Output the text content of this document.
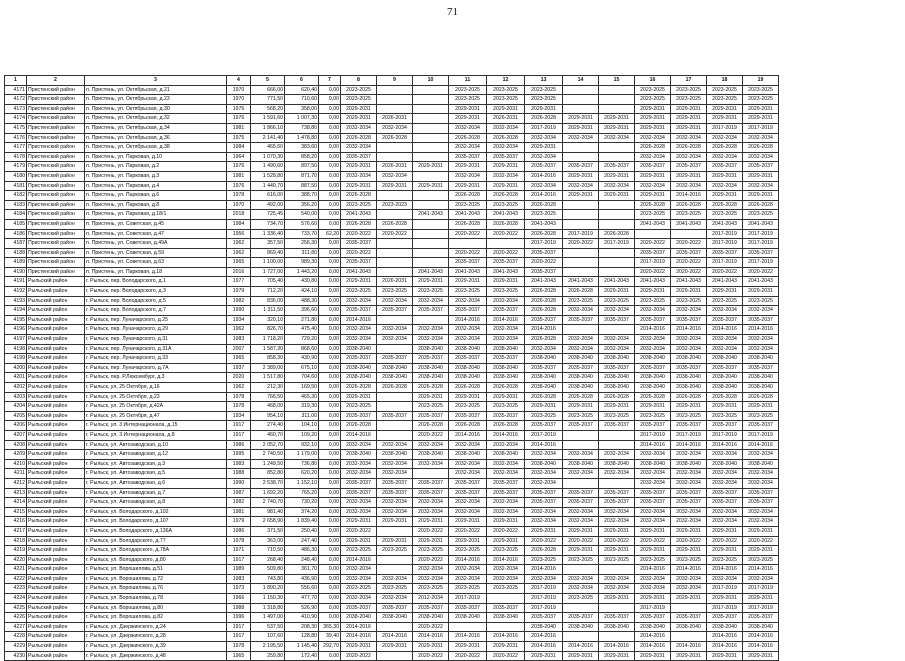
71
1	2	3	4	5	6	7	8	9	10	11	12	13	14	15	16	17	18	19
4171	Пристенский район	п. Пристень, ул. Октябрьская, д.21	1970	666,00	620,40	0,00	2023-2025			2023-2025	2023-2025	2023-2025			2023-2025	2023-2025	2023-2025	2023-2025
4172	Пристенский район	п. Пристень, ул. Октябрьская, д.23	1970	771,50	710,60	0,00	2023-2025			2023-2025	2023-2025	2023-2025			2023-2025	2023-2025	2023-2025	2023-2025
4173	Пристенский район	п. Пристень, ул. Октябрьская, д.30	1976	568,20	358,00	0,00	2029-2031			2029-2031	2029-2031	2029-2031			2029-2031	2029-2031	2029-2031	2029-2031
4174	Пристенский район	п. Пристень, ул. Октябрьская, д.32	1976	1 591,60	1 007,30	0,00	2029-2031	2026-2031		2029-2031	2026-2031	2026-2028	2029-2031	2029-2031	2029-2031	2029-2031	2029-2031	2029-2031
4175	Пристенский район	п. Пристень, ул. Октябрьская, д.34	1981	1 866,10	738,80	0,00	2032-2034	2032-2034		2032-2034	2032-2034	2017-2019	2029-2031	2029-2031	2029-2031	2029-2031	2017-2019	2017-2019
4176	Пристенский район	п. Пристень, ул. Октябрьская, д.36	1975	2 141,40	1 478,80	0,00	2026-2028	2026-2028		2026-2028	2026-2028	2032-2034	2032-2034	2032-2034	2032-2034	2032-2034	2032-2034	2032-2034
4177	Пристенский район	п. Пристень, ул. Октябрьская, д.38	1984	465,60	383,60	0,00	2032-2034			2032-2034	2032-2034	2029-2031			2026-2028	2026-2028	2026-2028	2026-2028
4178	Пристенский район	п. Пристень, ул. Парковая, д.10	1964	1 070,30	858,20	0,00	2035-2037			2035-2037	2035-2037	2032-2034			2032-2034	2032-2034	2032-2034	2032-2034
4179	Пристенский район	п. Пристень, ул. Парковая, д.2	1976	1 490,60	897,50	0,00	2029-2031	2026-2031	2029-2031	2029-2031	2029-2031	2035-2037	2035-2037	2035-2037	2035-2037	2035-2037	2035-2037	2035-2037
4180	Пристенский район	п. Пристень, ул. Парковая, д.3	1981	1 528,80	871,70	0,00	2032-2034	2032-2034		2032-2034	2032-2034	2014-2016	2029-2031	2029-2031	2029-2031	2029-2031	2029-2031	2029-2031
4181	Пристенский район	п. Пристень, ул. Парковая, д.4	1976	1 440,70	887,50	0,00	2029-2031	2029-2031	2029-2031	2029-2031	2029-2031	2032-2034	2032-2034	2032-2034	2032-2034	2032-2034	2032-2034	2032-2034
4182	Пристенский район	п. Пристень, ул. Парковая, д.6	1978	616,00	388,70	0,00	2026-2028			2026-2028	2026-2028	2014-2016	2029-2031	2029-2031	2029-2031	2014-2016	2029-2031	2029-2031
4183	Пристенский район	п. Пристень, ул. Парковая, д.8	1970	492,00	356,20	0,00	2023-2025	2023-2023		2023-2025	2023-2025	2026-2028			2026-2028	2026-2028	2026-2028	2026-2028
4184	Пристенский район	п. Пристень, ул. Парковая, д.18/1	2018	725,45	540,00	0,00	2041-2043		2041-2043	2041-2043	2041-2043	2023-2025			2023-2025	2023-2025	2023-2025	2023-2025
4185	Пристенский район	п. Пристень, ул. Советская, д.45	1984	734,70	576,60	0,00	2026-2028	2026-2028		2026-2028	2026-2028	2041-2043			2041-2043	2041-2043	2041-2043	2041-2043
4186	Пристенский район	п. Пристень, ул. Советская, д.47	1956	1 336,40	733,70	62,20	2020-2022	2020-2022		2020-2022	2020-2022	2026-2028	2017-2019	2026-2028			2017-2019	2017-2019
4187	Пристенский район	п. Пристень, ул. Советская, д.49А	1962	357,50	256,30	0,00	2035-2037					2017-2019	2020-2022	2017-2019	2020-2022	2020-2022	2017-2019	2017-2019
4188	Пристенский район	п. Пристень, ул. Советская, д.59	1962	869,40	311,80	0,00	2020-2022			2020-2022	2020-2022	2035-2037			2035-2037	2035-2037	2035-2037	2035-2037
4189	Пристенский район	п. Пристень, ул. Советская, д.63	1965	1 100,00	989,30	0,00	2035-2037			2035-2037	2035-2037	2020-2022			2017-2019	2020-2022	2017-2019	2017-2019
4190	Пристенский район	п. Пристень, ул. Парковая, д.18	2016	1 727,00	1 443,20	0,00	2041-2043		2041-2043	2041-2043	2041-2043	2035-2037			2020-2022	2020-2022	2020-2022	2020-2022
4191	Рыльский район	г. Рыльск, пер. Володарского, д.1	1977	705,40	430,80	0,00	2029-2031	2026-2031	2029-2031	2029-2031	2029-2031	2041-2043	2041-2043	2041-2043	2041-2043	2041-2043	2041-2043	2041-2043
4192	Рыльский район	г. Рыльск, пер. Володарского, д.3	1979	712,20	424,10	0,00	2023-2025	2023-2025	2023-2025	2023-2025	2023-2025	2026-2028	2026-2028	2029-2031	2029-2031	2029-2031	2029-2031	2029-2031
4193	Рыльский район	г. Рыльск, пер. Володарского, д.5	1982	836,00	488,30	0,00	2032-2034	2032-2034	2032-2034	2032-2034	2032-2034	2026-2028	2023-2025	2023-2025	2023-2025	2023-2025	2023-2025	2023-2025
4194	Рыльский район	г. Рыльск, пер. Володарского, д.7	1990	1 311,50	396,60	0,00	2035-2037	2035-2037	2035-2037	2035-2037	2035-2037	2026-2028	2032-2034	2032-2034	2032-2034	2032-2034	2032-2034	2032-2034
4195	Рыльский район	г. Рыльск, пер. Луначарского, д.25	1934	320,10	271,80	0,00	2014-2016			2014-2016	2014-2016	2035-2037	2035-2037	2035-2037	2035-2037	2035-2037	2035-2037	2035-2037
4196	Рыльский район	г. Рыльск, пер. Луначарского, д.29	1962	826,70	475,40	0,00	2032-2034	2032-2034	2032-2034	2032-2034	2032-2034	2014-2016			2014-2016	2014-2016	2014-2016	2014-2016
4197	Рыльский район	г. Рыльск, пер. Луначарского, д.31	1983	1 718,20	729,20	0,00	2032-2034	2032-2034	2032-2034	2032-2034	2032-2034	2026-2028	2032-2034	2032-2034	2032-2034	2032-2034	2032-2034	2032-2034
4198	Рыльский район	г. Рыльск, пер. Луначарского, д.31А	2007	1 587,30	868,60	0,00	2038-2040		2038-2040	2038-2040	2038-2040	2032-2034	2032-2034	2032-2034	2032-2034	2032-2034	2032-2034	2032-2034
4199	Рыльский район	г. Рыльск, пер. Луначарского, д.33	1965	858,30	430,90	0,00	2035-2037	2035-2037	2035-2037	2035-2037	2035-2037	2038-2040	2038-2040	2038-2040	2038-2040	2038-2040	2038-2040	2038-2040
4200	Рыльский район	г. Рыльск, пер. Луначарского, д.7А	1937	2 389,00	675,10	0,00	2038-2040	2038-2040	2038-2040	2038-2040	2038-2040	2035-2037	2035-2037	2035-2037	2035-2037	2035-2037	2035-2037	2035-2037
4201	Рыльский район	г. Рыльск, пер. Р.Люксембург, д.3	2020	1 517,80	704,60	0,00	2038-2040	2038-2040	2038-2040	2038-2040	2038-2040	2038-2040	2038-2040	2038-2040	2038-2040	2038-2040	2038-2040	2038-2040
4202	Рыльский район	г. Рыльск, ул. 25 Октября, д.16	1962	212,30	169,50	0,00	2026-2028	2026-2028	2026-2028	2026-2028	2026-2028	2038-2040	2038-2040	2038-2040	2038-2040	2038-2040	2038-2040	2038-2040
4203	Рыльский район	г. Рыльск, ул. 25 Октября, д.23	1978	766,50	465,30	0,00	2029-2031		2029-2031	2029-2031	2029-2031	2026-2028	2026-2028	2026-2028	2026-2028	2026-2028	2026-2028	2026-2028
4204	Рыльский район	г. Рыльск, ул. 25 Октября, д.42А	1978	468,00	319,30	0,00	2023-2025		2023-2025	2023-2025	2023-2025	2029-2031	2029-2031	2029-2031	2029-2031	2029-2031	2029-2031	2029-2031
4205	Рыльский район	г. Рыльск, ул. 25 Октября, д.47	1934	954,10	311,00	0,00	2035-2037	2035-2037	2035-2037	2035-2037	2035-2037	2023-2025	2023-2025	2023-2025	2023-2025	2023-2025	2023-2025	2023-2025
4206	Рыльский район	г. Рыльск, ул. 3 Интернационала, д.15	1917	274,40	104,10	0,00	2026-2028		2026-2028	2026-2028	2026-2028	2035-2037	2035-2037	2035-2037	2035-2037	2035-2037	2035-2037	2035-2037
4207	Рыльский район	г. Рыльск, ул. 3 Интернационала, д.8	1917	460,70	109,20	0,00	2014-2016		2020-2022	2014-2016	2014-2016	2017-2019			2017-2019	2017-2019	2017-2019	2017-2019
4208	Рыльский район	г. Рыльск, ул. Автозаводская, д.10	1986	2 052,70	932,10	0,00	2032-2034	2032-2034	2032-2034	2032-2034	2032-2034	2014-2016			2014-2016	2014-2016	2014-2016	2014-2016
4209	Рыльский район	г. Рыльск, ул. Автозаводская, д.12	1995	2 740,50	1 179,00	0,00	2038-2040	2038-2040	2038-2040	2038-2040	2038-2040	2032-2034	2032-2034	2032-2034	2032-2034	2032-2034	2032-2034	2032-2034
4210	Рыльский район	г. Рыльск, ул. Автозаводская, д.3	1983	1 249,50	736,80	0,00	2032-2034	2032-2034	2032-2034	2032-2034	2032-2034	2038-2040	2038-2040	2038-2040	2038-2040	2038-2040	2038-2040	2038-2040
4211	Рыльский район	г. Рыльск, ул. Автозаводская, д.5	1988	852,80	620,20	0,00	2032-2034	2032-2034		2032-2034	2032-2034	2032-2034	2032-2034	2032-2034	2032-2034	2032-2034	2032-2034	2032-2034
4212	Рыльский район	г. Рыльск, ул. Автозаводская, д.6	1990	2 538,70	1 152,10	0,00	2035-2037	2035-2037	2035-2037	2035-2037	2035-2037	2032-2034			2032-2034	2032-2034	2032-2034	2032-2034
4213	Рыльский район	г. Рыльск, ул. Автозаводская, д.7	1987	1 692,20	765,20	0,00	2035-2037	2035-2037	2035-2037	2035-2037	2035-2037	2035-2037	2035-2037	2035-2037	2035-2037	2035-2037	2035-2037	2035-2037
4214	Рыльский район	г. Рыльск, ул. Автозаводская, д.8	1982	2 740,70	730,20	0,00	2032-2034	2032-2034	2032-2034	2032-2034	2032-2034	2035-2037	2035-2037	2035-2037	2035-2037	2035-2037	2035-2037	2035-2037
4215	Рыльский район	г. Рыльск, ул. Володарского, д.102	1981	981,40	374,20	0,00	2032-2034	2032-2034	2032-2034	2032-2034	2032-2034	2032-2034	2032-2034	2032-2034	2032-2034	2032-2034	2032-2034	2032-2034
4216	Рыльский район	г. Рыльск, ул. Володарского, д.107	1979	2 658,90	1 839,40	0,00	2029-2031	2029-2031	2029-2031	2029-2031	2029-2031	2032-2034	2032-2034	2032-2034	2032-2034	2032-2034	2032-2034	2032-2034
4217	Рыльский район	г. Рыльск, ул. Володарского, д.136А	1986	371,50	250,40	0,00	2020-2022		2020-2022	2020-2022	2020-2022	2029-2031	2029-2031	2029-2031	2029-2031	2029-2031	2029-2031	2029-2031
4218	Рыльский район	г. Рыльск, ул. Володарского, д.77	1978	363,00	247,40	0,00	2029-2031	2029-2031	2029-2031	2029-2031	2029-2031	2020-2022	2020-2022	2020-2022	2020-2022	2020-2022	2020-2022	2020-2022
4219	Рыльский район	г. Рыльск, ул. Володарского, д.78А	1971	710,50	486,30	0,00	2023-2025	2023-2025	2023-2025	2023-2025	2023-2025	2026-2028	2029-2031	2029-2031	2029-2031	2029-2031	2029-2031	2029-2031
4220	Рыльский район	г. Рыльск, ул. Володарского, д.80	1917	268,40	248,40	0,00	2014-2016		2020-2022	2014-2016	2014-2016	2023-2025	2023-2025	2023-2025	2023-2025	2023-2025	2023-2025	2023-2025
4221	Рыльский район	г. Рыльск, ул. Ворошилова, д.51	1989	509,80	361,70	0,00	2032-2034		2032-2034	2032-2034	2032-2034	2014-2016			2014-2016	2014-2016	2014-2016	2014-2016
4222	Рыльский район	г. Рыльск, ул. Ворошилова, д.72	1983	743,80	436,90	0,00	2032-2034	2032-2034	2032-2034	2032-2034	2032-2034	2032-2034	2032-2034	2032-2034	2032-2034	2032-2034	2032-2034	2032-2034
4223	Рыльский район	г. Рыльск, ул. Ворошилова, д.76	1973	1 890,20	556,60	0,00	2023-2025	2023-2025	2023-2025	2023-2025	2023-2025	2017-2019	2032-2034	2032-2034	2032-2034	2032-2034	2017-2019	2017-2019
4224	Рыльский район	г. Рыльск, ул. Ворошилова, д.78	1966	1 150,30	477,70	0,00	2032-2034	2032-2034	2012-2034	2017-2019		2017-2019	2023-2025	2029-2031	2029-2031	2029-2031	2029-2031	2029-2031
4225	Рыльский район	г. Рыльск, ул. Ворошилова, д.80	1988	1 318,80	526,90	0,00	2035-2037	2035-2037	2035-2037	2035-2037	2035-2037	2017-2019			2017-2019		2017-2019	2017-2019
4226	Рыльский район	г. Рыльск, ул. Ворошилова, д.82	1996	1 497,00	410,90	0,00	2038-2040	2038-2040	2038-2040	2038-2040	2038-2040	2035-2037	2035-2037	2035-2037	2035-2037	2035-2037	2035-2037	2035-2037
4227	Рыльский район	г. Рыльск, ул. Дзержинского, д.24	1917	537,50	208,30	365,30	2014-2016		2020-2022			2038-2040	2038-2040	2038-2040	2038-2040	2038-2040	2038-2040	2038-2040
4228	Рыльский район	г. Рыльск, ул. Дзержинского, д.28	1917	107,60	128,80	39,40	2014-2016	2014-2016	2014-2016	2014-2016	2014-2016	2014-2016			2014-2016		2014-2016	2014-2016
4229	Рыльский район	г. Рыльск, ул. Дзержинского, д.39	1978	2 195,50	1 145,40	292,70	2029-2031	2029-2031	2029-2031	2029-2031	2029-2031	2014-2016	2014-2016	2014-2016	2014-2016	2014-2016	2014-2016	2014-2016
4230	Рыльский район	г. Рыльск, ул. Дзержинского, д.48	1965	259,80	172,40	0,00	2020-2022		2020-2022	2020-2022	2020-2022	2029-2031	2029-2031	2029-2031	2029-2031	2029-2031	2029-2031	2029-2031
